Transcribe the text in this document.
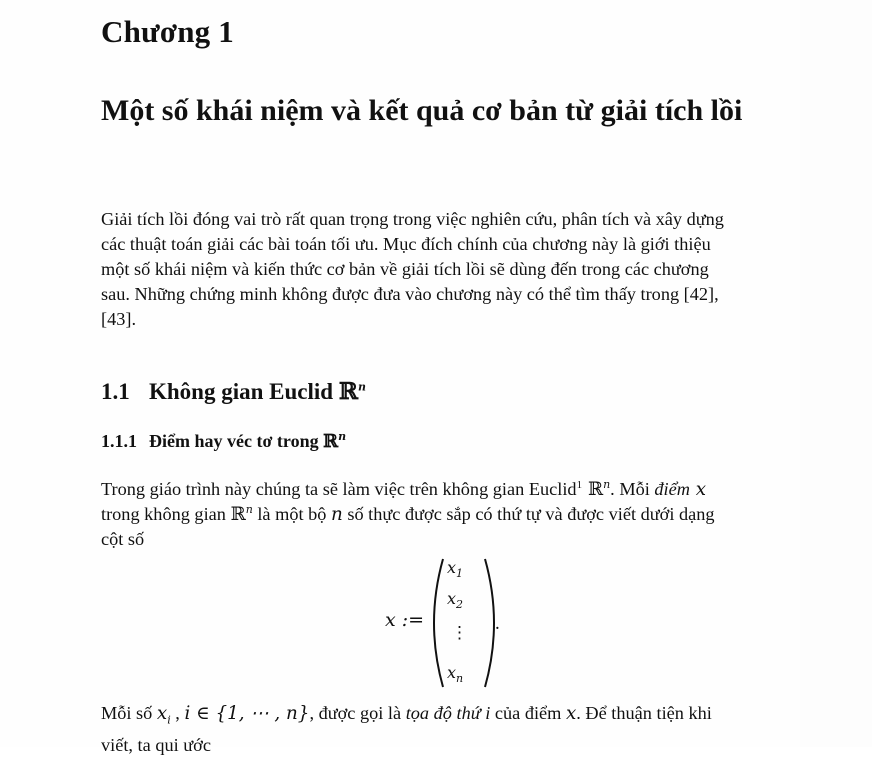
Chương 1
Một số khái niệm và kết quả cơ bản từ giải tích lồi
Giải tích lồi đóng vai trò rất quan trọng trong việc nghiên cứu, phân tích và xây dựng
các thuật toán giải các bài toán tối ưu. Mục đích chính của chương này là giới thiệu
một số khái niệm và kiến thức cơ bản về giải tích lồi sẽ dùng đến trong các chương
sau. Những chứng minh không được đưa vào chương này có thể tìm thấy trong [42],
[43].
1.1 Không gian Euclid ℝ$^n$
1.1.1 Điểm hay véc tơ trong ℝ$^n$
Trong giáo trình này chúng ta sẽ làm việc trên không gian Euclid$^1$ ℝ$^n$. Mỗi điểm x
trong không gian ℝ$^n$ là một bộ n số thực được sắp có thứ tự và được viết dưới dạng
cột số
x :=
$x_1$
$x_2$
⋮
$x_n$
.
Mỗi số $x_i$ , i ∈ {1, ⋯ , n}, được gọi là tọa độ thứ i của điểm x. Để thuận tiện khi
viết, ta qui ước
